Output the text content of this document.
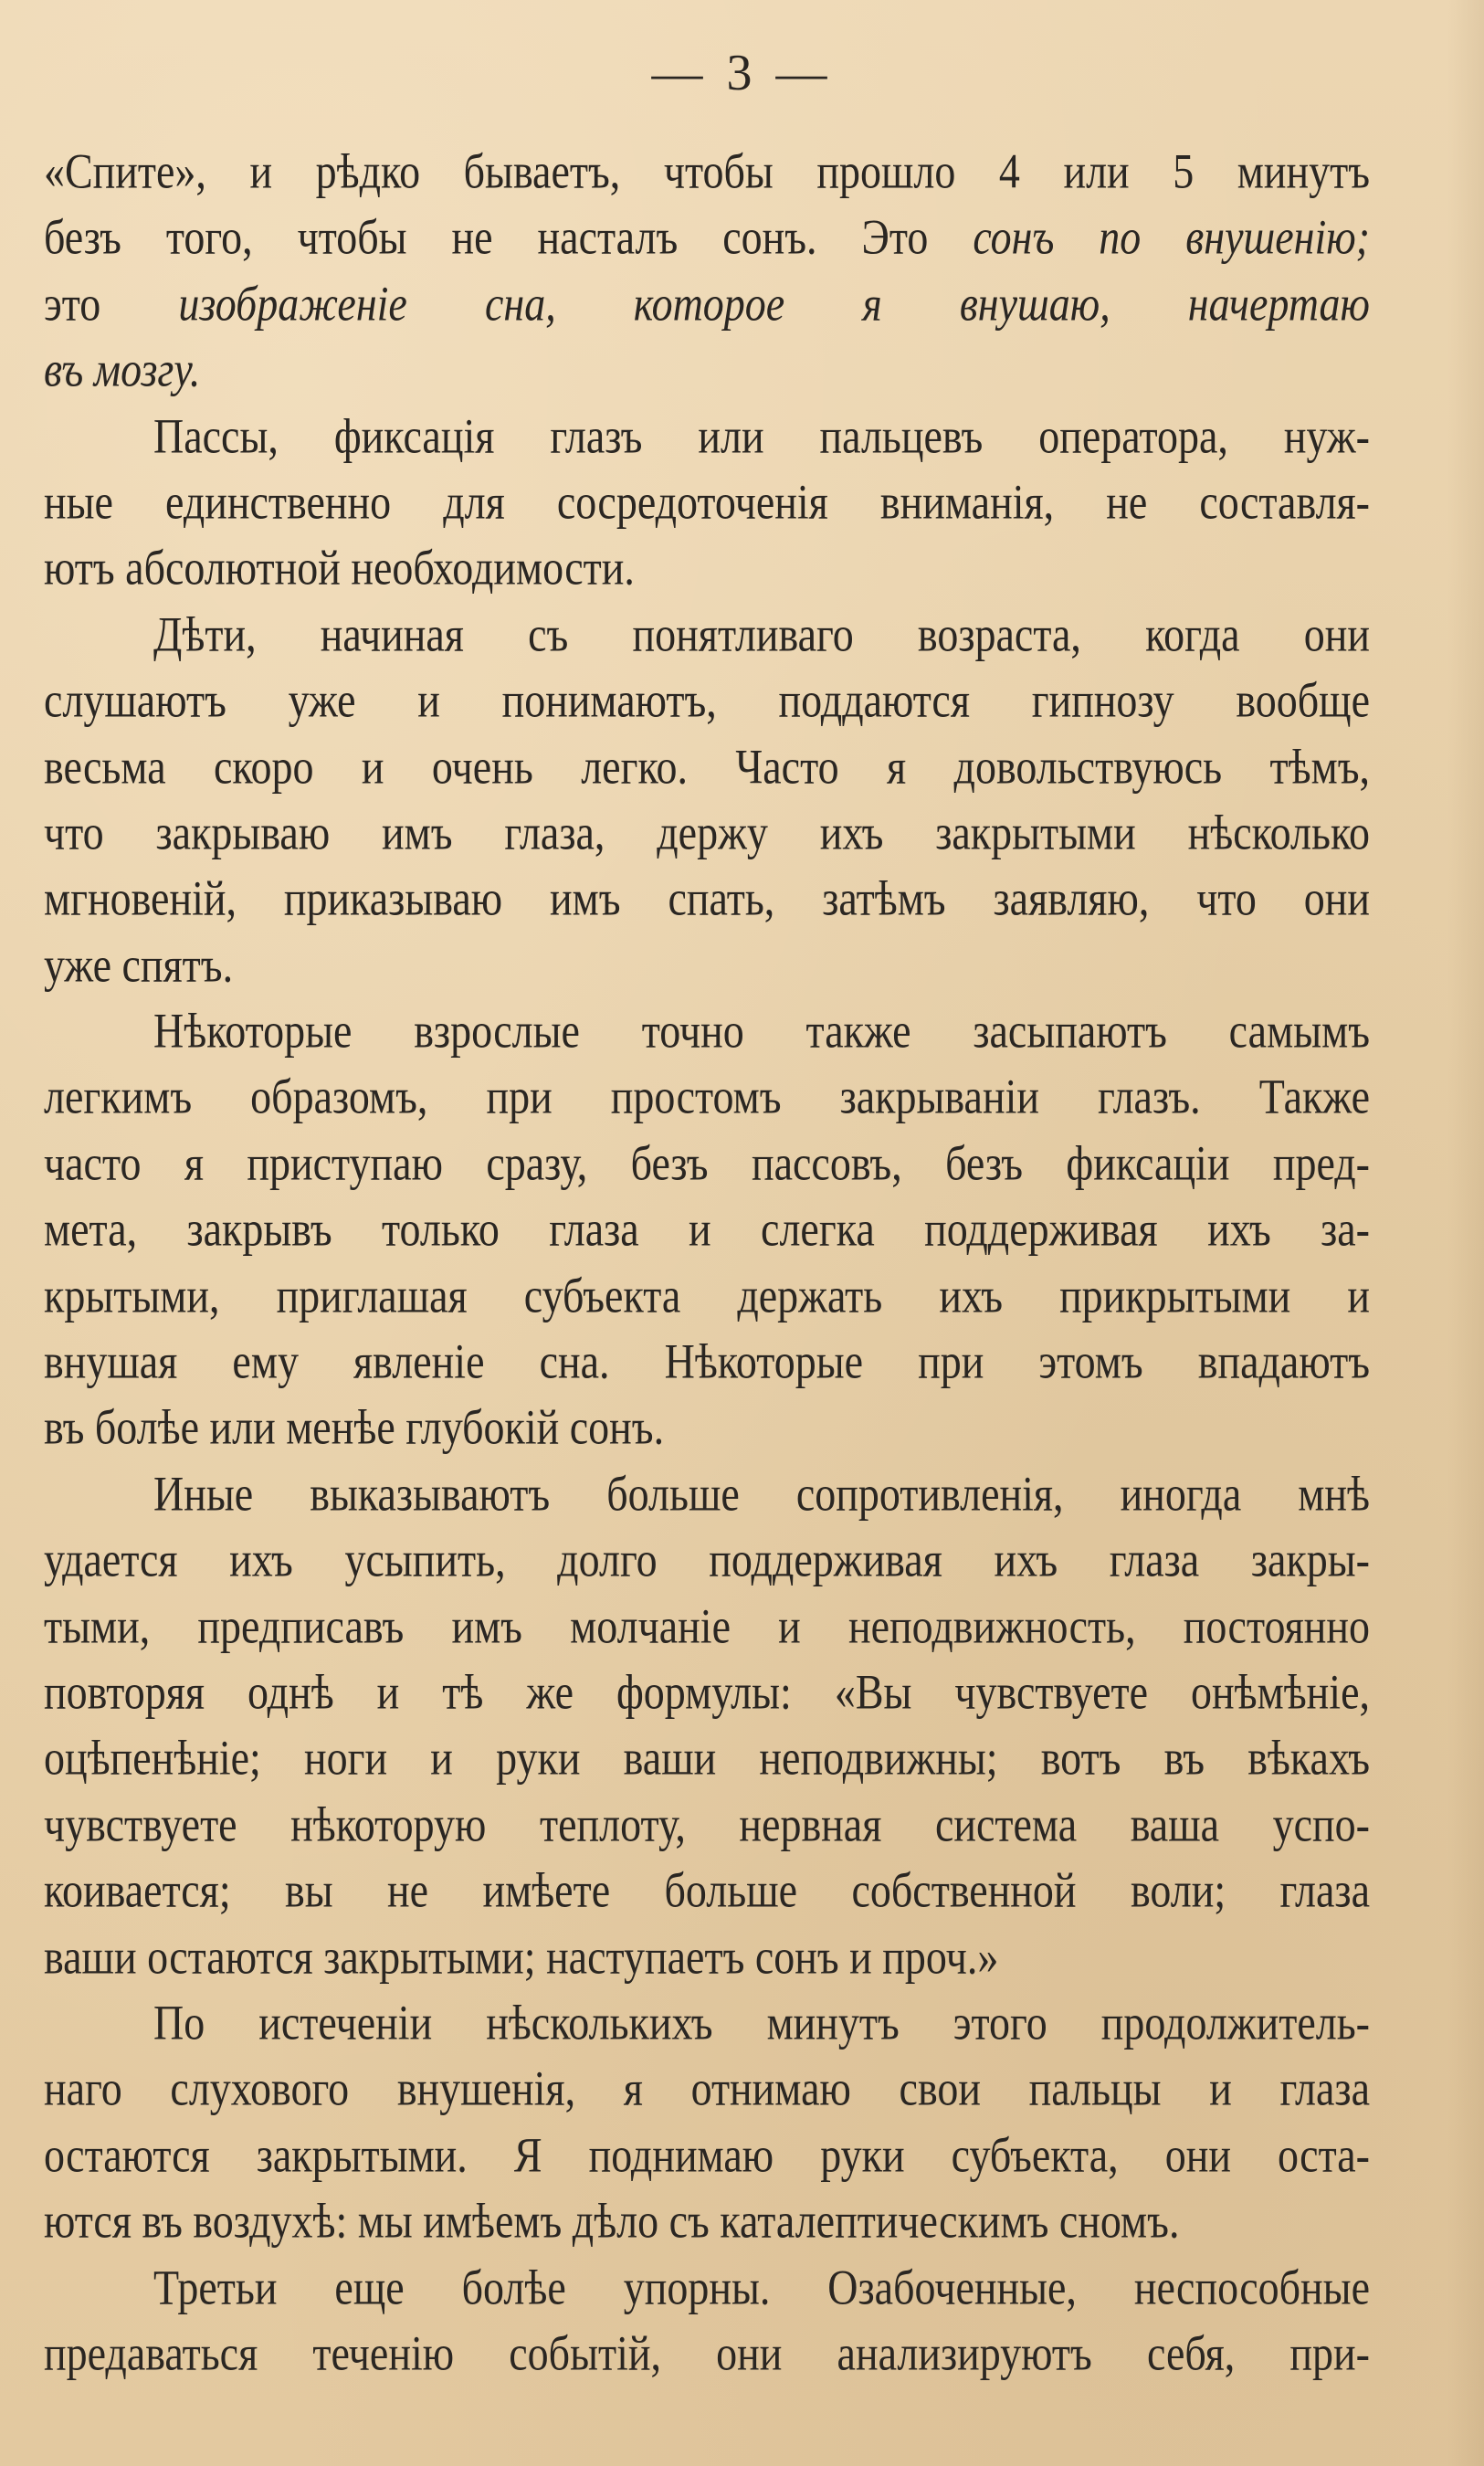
— 3 —
«Спите», и рѣдко бываетъ, чтобы прошло 4 или 5 минутъ
безъ того, чтобы не насталъ сонъ. Это сонъ по внушенію;
это изображеніе сна, которое я внушаю, начертаю
въ мозгу.
Пассы, фиксація глазъ или пальцевъ оператора, нуж-
ные единственно для сосредоточенія вниманія, не составля-
ютъ абсолютной необходимости.
Дѣти, начиная съ понятливаго возраста, когда они
слушаютъ уже и понимаютъ, поддаются гипнозу вообще
весьма скоро и очень легко. Часто я довольствуюсь тѣмъ,
что закрываю имъ глаза, держу ихъ закрытыми нѣсколько
мгновеній, приказываю имъ спать, затѣмъ заявляю, что они
уже спятъ.
Нѣкоторые взрослые точно также засыпаютъ самымъ
легкимъ образомъ, при простомъ закрываніи глазъ. Также
часто я приступаю сразу, безъ пассовъ, безъ фиксаціи пред-
мета, закрывъ только глаза и слегка поддерживая ихъ за-
крытыми, приглашая субъекта держать ихъ прикрытыми и
внушая ему явленіе сна. Нѣкоторые при этомъ впадаютъ
въ болѣе или менѣе глубокій сонъ.
Иные выказываютъ больше сопротивленія, иногда мнѣ
удается ихъ усыпить, долго поддерживая ихъ глаза закры-
тыми, предписавъ имъ молчаніе и неподвижность, постоянно
повторяя однѣ и тѣ же формулы: «Вы чувствуете онѣмѣніе,
оцѣпенѣніе; ноги и руки ваши неподвижны; вотъ въ вѣкахъ
чувствуете нѣкоторую теплоту, нервная система ваша успо-
коивается; вы не имѣете больше собственной воли; глаза
ваши остаются закрытыми; наступаетъ сонъ и проч.»
По истеченіи нѣсколькихъ минутъ этого продолжитель-
наго слухового внушенія, я отнимаю свои пальцы и глаза
остаются закрытыми. Я поднимаю руки субъекта, они оста-
ются въ воздухѣ: мы имѣемъ дѣло съ каталептическимъ сномъ.
Третьи еще болѣе упорны. Озабоченные, неспособные
предаваться теченію событій, они анализируютъ себя, при-
